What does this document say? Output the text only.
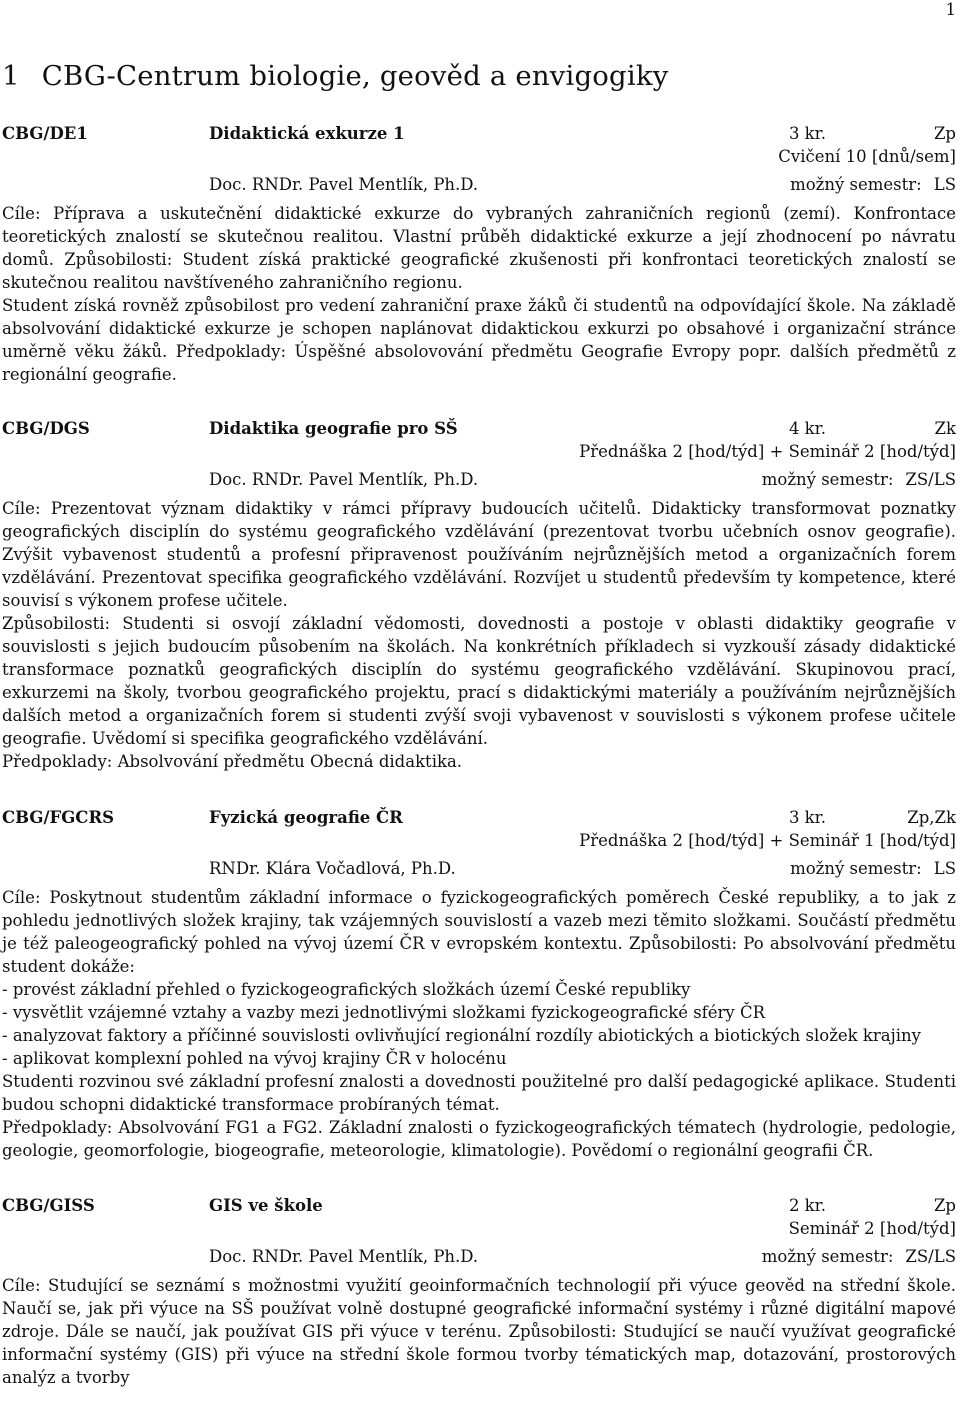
1
1 CBG-Centrum biologie, geověd a envigogiky
CBG/DE1	Didaktická exkurze 1	3 kr.	Zp
Cvičení 10 [dnů/sem]
Doc. RNDr. Pavel Mentlík, Ph.D.	možný semestr: LS

Cíle: Příprava a uskutečnění didaktické exkurze do vybraných zahraničních regionů (zemí). Konfrontace teoretických znalostí se skutečnou realitou. Vlastní průběh didaktické exkurze a její zhodnocení po návratu domů. Způsobilosti: Student získá praktické geografické zkušenosti při konfrontaci teoretických znalostí se skutečnou realitou navštíveného zahraničního regionu.

Student získá rovněž způsobilost pro vedení zahraniční praxe žáků či studentů na odpovídající škole. Na základě absolvování didaktické exkurze je schopen naplánovat didaktickou exkurzi po obsahové i organizační stránce uměrně věku žáků. Předpoklady: Úspěšné absolovování předmětu Geografie Evropy popr. dalších předmětů z regionální geografie.

CBG/DGS	Didaktika geografie pro SŠ	4 kr.	Zk
Přednáška 2 [hod/týd] + Seminář 2 [hod/týd]
Doc. RNDr. Pavel Mentlík, Ph.D.	možný semestr: ZS/LS

Cíle: Prezentovat význam didaktiky v rámci přípravy budoucích učitelů. Didakticky transformovat poznatky geografických disciplín do systému geografického vzdělávání (prezentovat tvorbu učebních osnov geografie). Zvýšit vybavenost studentů a profesní připravenost používáním nejrůznějších metod a organizačních forem vzdělávání. Prezentovat specifika geografického vzdělávání. Rozvíjet u studentů především ty kompetence, které souvisí s výkonem profese učitele.

Způsobilosti: Studenti si osvojí základní vědomosti, dovednosti a postoje v oblasti didaktiky geografie v souvislosti s jejich budoucím působením na školách. Na konkrétních příkladech si vyzkouší zásady didaktické transformace poznatků geografických disciplín do systému geografického vzdělávání. Skupinovou prací, exkurzemi na školy, tvorbou geografického projektu, prací s didaktickými materiály a používáním nejrůznějších dalších metod a organizačních forem si studenti zvýší svoji vybavenost v souvislosti s výkonem profese učitele geografie. Uvědomí si specifika geografického vzdělávání.

Předpoklady: Absolvování předmětu Obecná didaktika.

CBG/FGCRS	Fyzická geografie ČR	3 kr.	Zp,Zk
Přednáška 2 [hod/týd] + Seminář 1 [hod/týd]
RNDr. Klára Vočadlová, Ph.D.	možný semestr: LS

Cíle: Poskytnout studentům základní informace o fyzickogeografických poměrech České republiky, a to jak z pohledu jednotlivých složek krajiny, tak vzájemných souvislostí a vazeb mezi těmito složkami. Součástí předmětu je též paleogeografický pohled na vývoj území ČR v evropském kontextu. Způsobilosti: Po absolvování předmětu student dokáže:

- provést základní přehled o fyzickogeografických složkách území České republiky
- vysvětlit vzájemné vztahy a vazby mezi jednotlivými složkami fyzickogeografické sféry ČR
- analyzovat faktory a příčinné souvislosti ovlivňující regionální rozdíly abiotických a biotických složek krajiny
- aplikovat komplexní pohled na vývoj krajiny ČR v holocénu

Studenti rozvinou své základní profesní znalosti a dovednosti použitelné pro další pedagogické aplikace. Studenti budou schopni didaktické transformace probíraných témat.

Předpoklady: Absolvování FG1 a FG2. Základní znalosti o fyzickogeografických tématech (hydrologie, pedologie, geologie, geomorfologie, biogeografie, meteorologie, klimatologie). Povědomí o regionální geografii ČR.

CBG/GISS	GIS ve škole	2 kr.	Zp
Seminář 2 [hod/týd]
Doc. RNDr. Pavel Mentlík, Ph.D.	možný semestr: ZS/LS

Cíle: Studující se seznámí s možnostmi využití geoinformačních technologií při výuce geověd na střední škole. Naučí se, jak při výuce na SŠ používat volně dostupné geografické informační systémy i různé digitální mapové zdroje. Dále se naučí, jak používat GIS při výuce v terénu. Způsobilosti: Studující se naučí využívat geografické informační systémy (GIS) při výuce na střední škole formou tvorby tématických map, dotazování, prostorových analýz a tvorby
